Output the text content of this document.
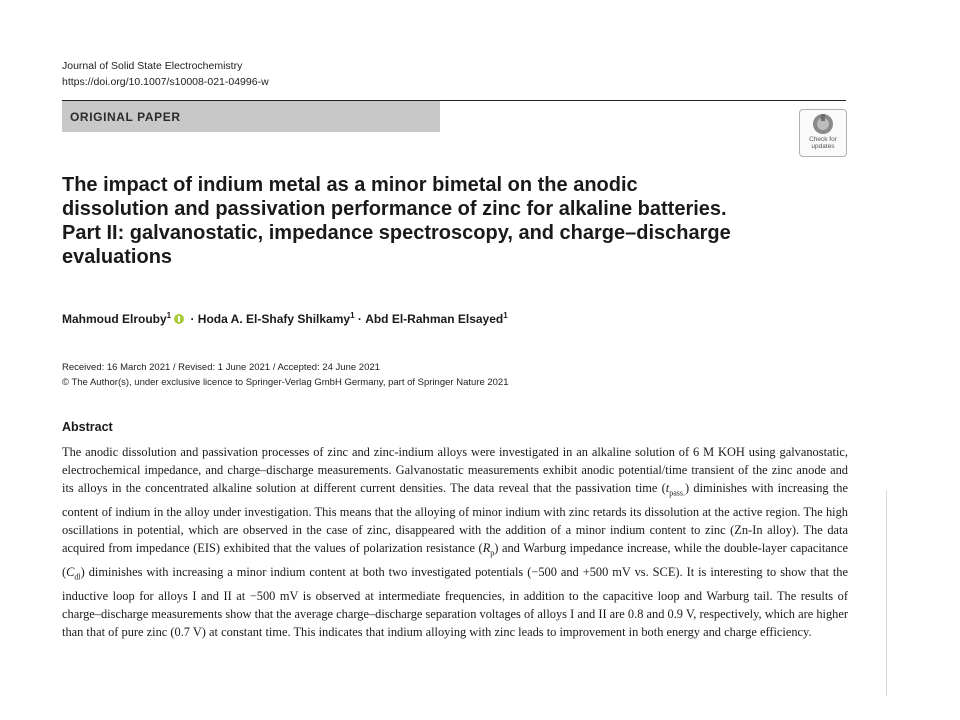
Journal of Solid State Electrochemistry
https://doi.org/10.1007/s10008-021-04996-w
ORIGINAL PAPER
Check for
updates
The impact of indium metal as a minor bimetal on the anodic
dissolution and passivation performance of zinc for alkaline batteries.
Part II: galvanostatic, impedance spectroscopy, and charge–discharge
evaluations
Mahmoud Elrouby$^1$ · Hoda A. El-Shafy Shilkamy$^1$ · Abd El-Rahman Elsayed$^1$
Received: 16 March 2021 / Revised: 1 June 2021 / Accepted: 24 June 2021
© The Author(s), under exclusive licence to Springer-Verlag GmbH Germany, part of Springer Nature 2021
Abstract
The anodic dissolution and passivation processes of zinc and zinc-indium alloys were investigated in an alkaline solution of 6 M KOH using galvanostatic, electrochemical impedance, and charge–discharge measurements. Galvanostatic measurements exhibit anodic potential/time transient of the zinc anode and its alloys in the concentrated alkaline solution at different current densities. The data reveal that the passivation time $(t_{pass.})$ diminishes with increasing the content of indium in the alloy under investigation. This means that the alloying of minor indium with zinc retards its dissolution at the active region. The high oscillations in potential, which are observed in the case of zinc, disappeared with the addition of a minor indium content to zinc (Zn-In alloy). The data acquired from impedance (EIS) exhibited that the values of polarization resistance $(R_p)$ and Warburg impedance increase, while the double-layer capacitance $(C_{dl})$ diminishes with increasing a minor indium content at both two investigated potentials (−500 and +500 mV vs. SCE). It is interesting to show that the inductive loop for alloys I and II at −500 mV is observed at intermediate frequencies, in addition to the capacitive loop and Warburg tail. The results of charge–discharge measurements show that the average charge–discharge separation voltages of alloys I and II are 0.8 and 0.9 V, respectively, which are higher than that of pure zinc (0.7 V) at constant time. This indicates that indium alloying with zinc leads to improvement in both energy and charge efficiency.
